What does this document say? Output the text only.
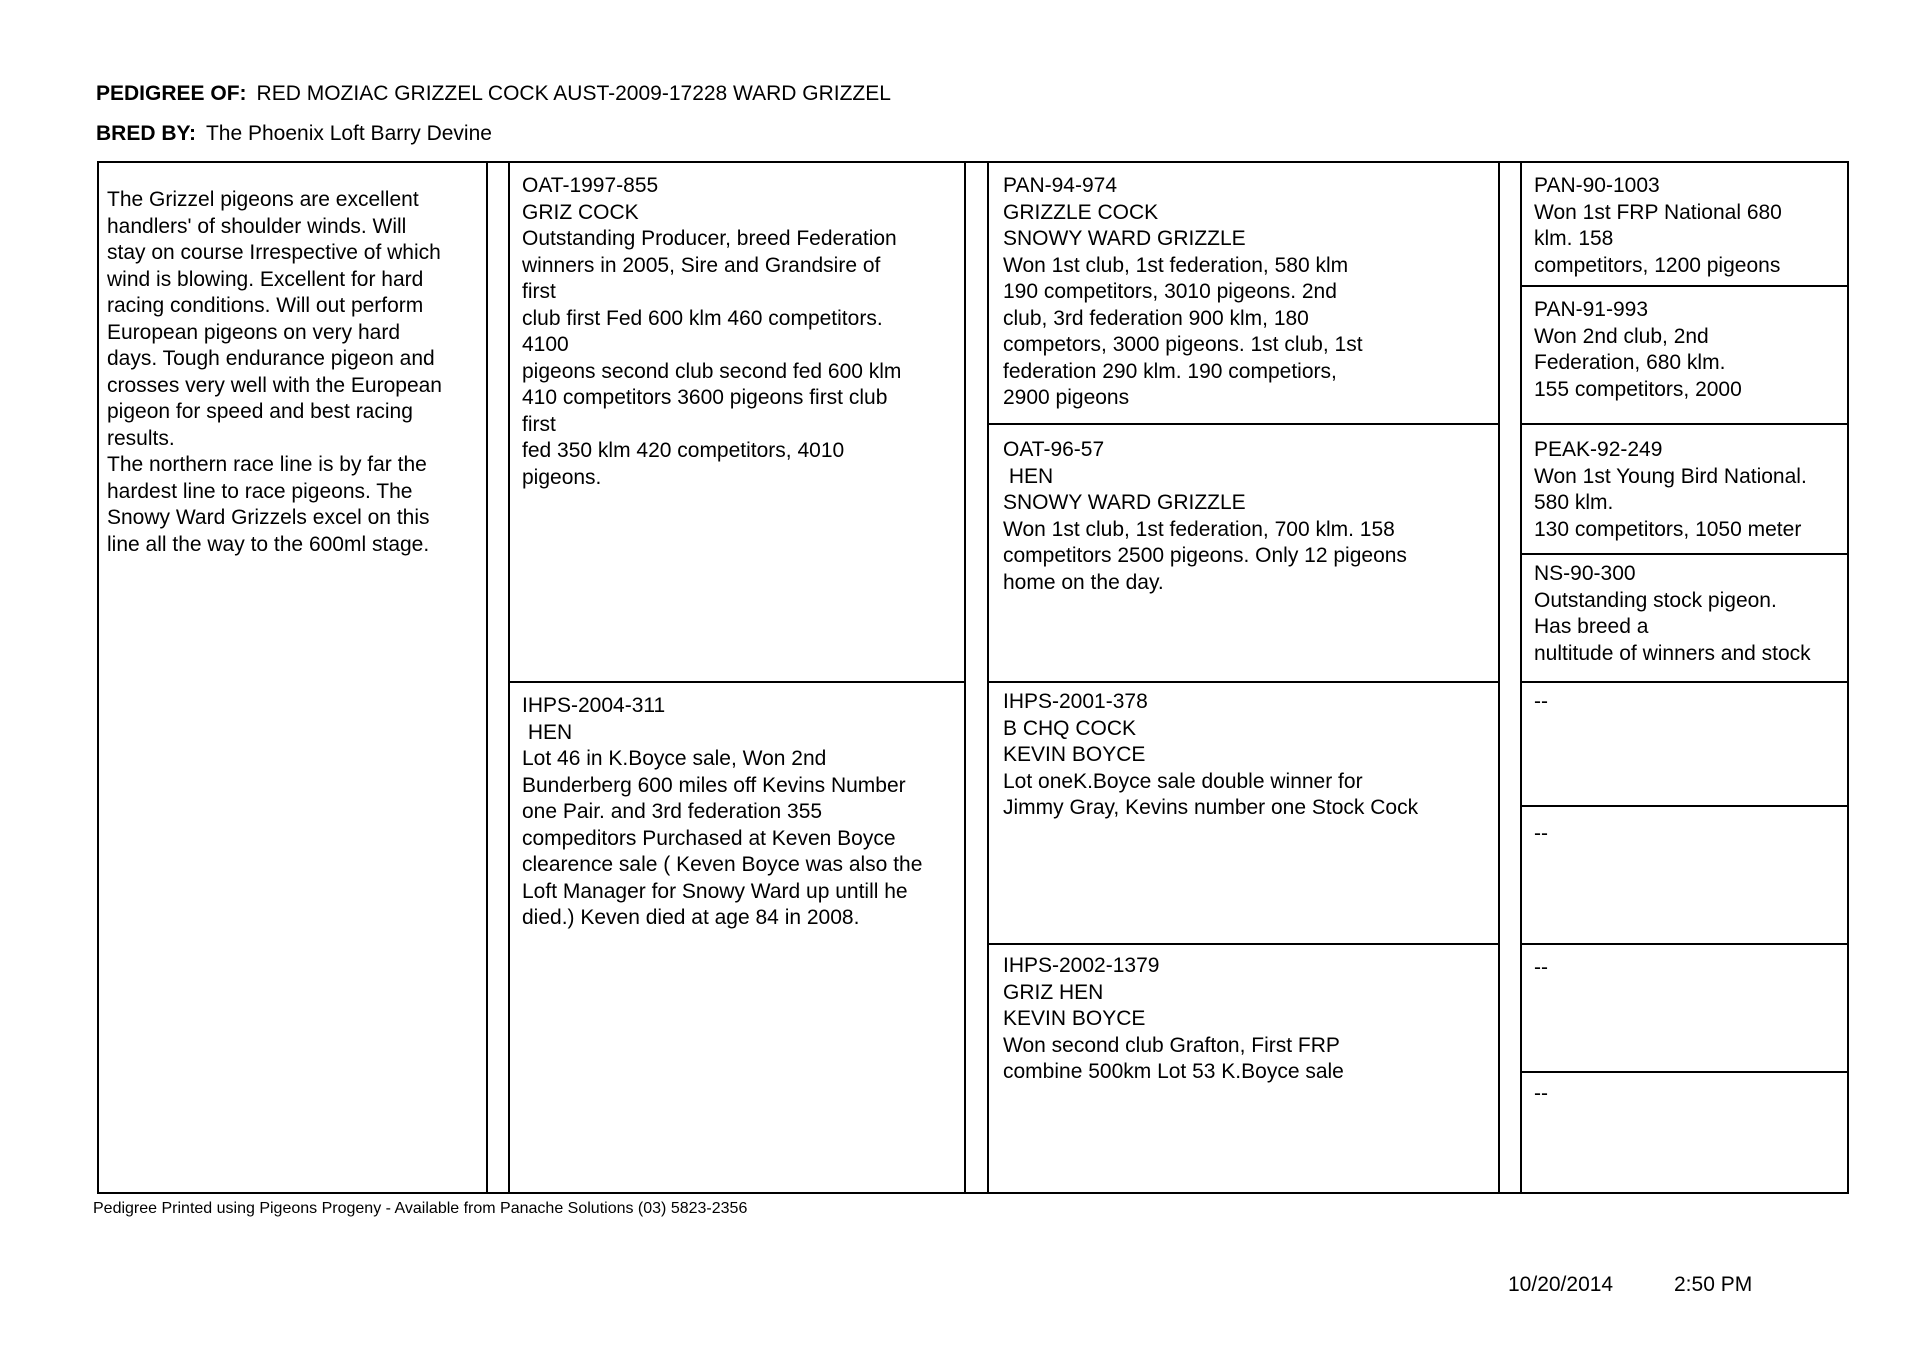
PEDIGREE OF: RED MOZIAC GRIZZEL COCK AUST-2009-17228 WARD GRIZZEL
BRED BY: The Phoenix Loft Barry Devine
The Grizzel pigeons are excellent
handlers' of shoulder winds. Will
stay on course Irrespective of which
wind is blowing. Excellent for hard
racing conditions. Will out perform
European pigeons on very hard
days. Tough endurance pigeon and
crosses very well with the European
pigeon for speed and best racing
results.
The northern race line is by far the
hardest line to race pigeons. The
Snowy Ward Grizzels excel on this
line all the way to the 600ml stage.
OAT-1997-855
GRIZ COCK
Outstanding Producer, breed Federation
winners in 2005, Sire and Grandsire of
first
club first Fed 600 klm 460 competitors.
4100
pigeons second club second fed 600 klm
410 competitors 3600 pigeons first club
first
fed 350 klm 420 competitors, 4010
pigeons.
IHPS-2004-311
HEN
Lot 46 in K.Boyce sale, Won 2nd
Bunderberg 600 miles off Kevins Number
one Pair. and 3rd federation 355
compeditors Purchased at Keven Boyce
clearence sale ( Keven Boyce was also the
Loft Manager for Snowy Ward up untill he
died.) Keven died at age 84 in 2008.
PAN-94-974
GRIZZLE COCK
SNOWY WARD GRIZZLE
Won 1st club, 1st federation, 580 klm
190 competitors, 3010 pigeons. 2nd
club, 3rd federation 900 klm, 180
competors, 3000 pigeons. 1st club, 1st
federation 290 klm. 190 competiors,
2900 pigeons
OAT-96-57
HEN
SNOWY WARD GRIZZLE
Won 1st club, 1st federation, 700 klm. 158
competitors 2500 pigeons. Only 12 pigeons
home on the day.
IHPS-2001-378
B CHQ COCK
KEVIN BOYCE
Lot oneK.Boyce sale double winner for
Jimmy Gray, Kevins number one Stock Cock
IHPS-2002-1379
GRIZ HEN
KEVIN BOYCE
Won second club Grafton, First FRP
combine 500km Lot 53 K.Boyce sale
PAN-90-1003
Won 1st FRP National 680
klm. 158
competitors, 1200 pigeons
PAN-91-993
Won 2nd club, 2nd
Federation, 680 klm.
155 competitors, 2000
PEAK-92-249
Won 1st Young Bird National.
580 klm.
130 competitors, 1050 meter
NS-90-300
Outstanding stock pigeon.
Has breed a
nultitude of winners and stock
--
--
--
--
Pedigree Printed using Pigeons Progeny - Available from Panache Solutions (03) 5823-2356
10/20/2014	2:50 PM
